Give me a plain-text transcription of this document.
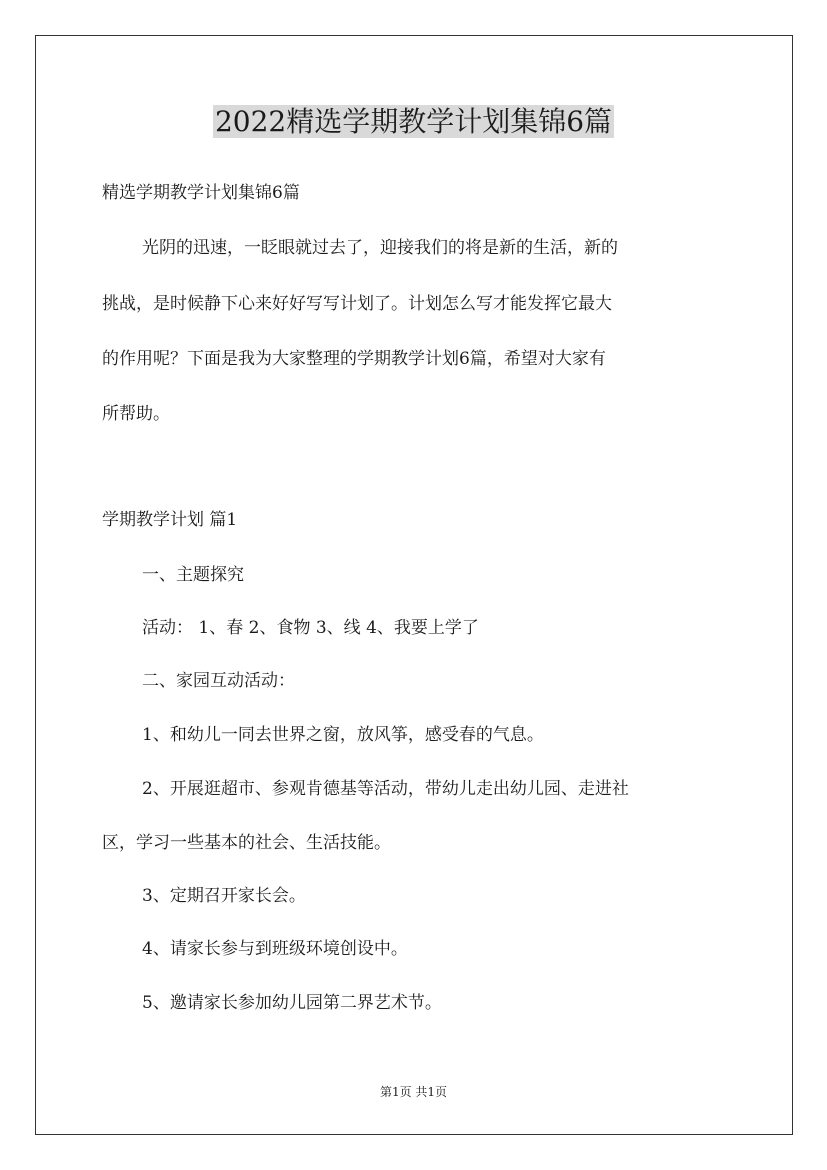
2022精选学期教学计划集锦6篇

精选学期教学计划集锦6篇

光阴的迅速，一眨眼就过去了，迎接我们的将是新的生活，新的

挑战，是时候静下心来好好写写计划了。计划怎么写才能发挥它最大

的作用呢？下面是我为大家整理的学期教学计划6篇，希望对大家有

所帮助。

学期教学计划 篇1

一、主题探究

活动： 1、春 2、食物 3、线 4、我要上学了

二、家园互动活动：

1、和幼儿一同去世界之窗，放风筝，感受春的气息。

2、开展逛超市、参观肯德基等活动，带幼儿走出幼儿园、走进社

区，学习一些基本的社会、生活技能。

3、定期召开家长会。

4、请家长参与到班级环境创设中。

5、邀请家长参加幼儿园第二界艺术节。

第1页 共1页
